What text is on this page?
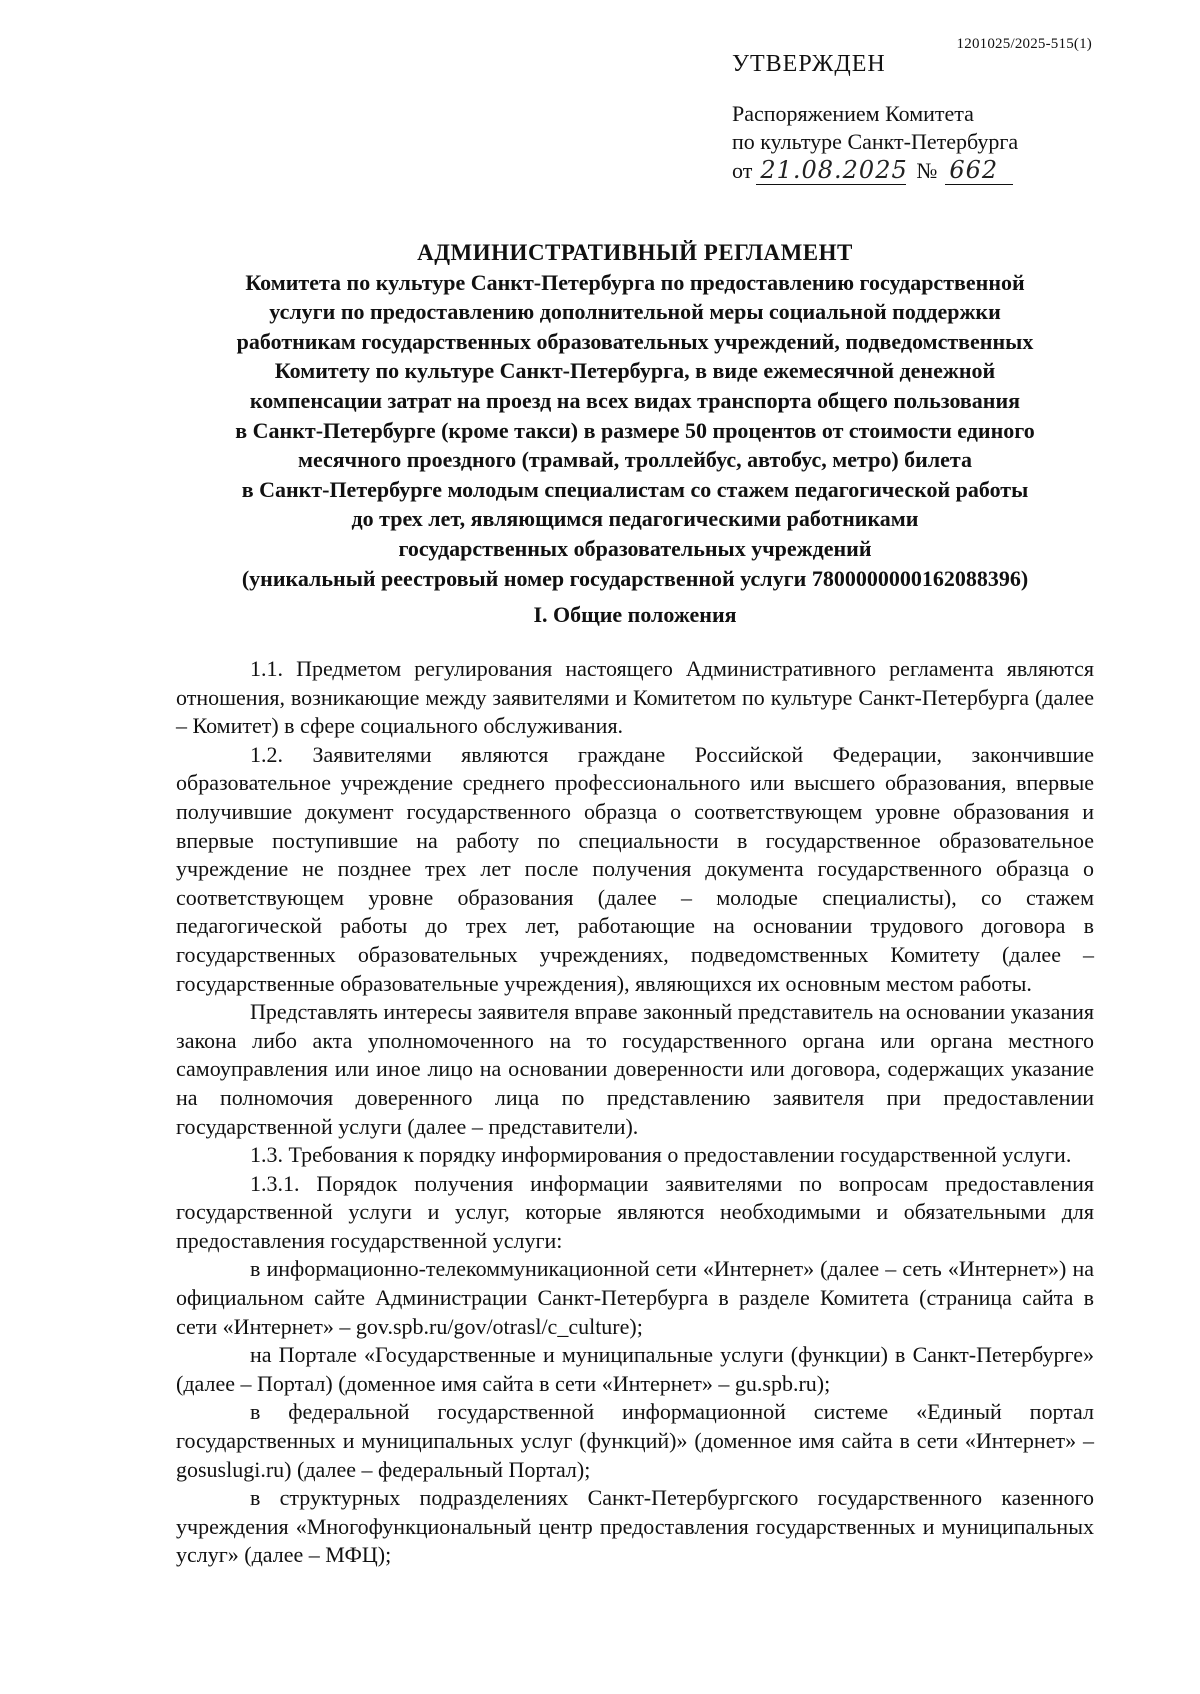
1201025/2025-515(1)
УТВЕРЖДЕН
Распоряжением Комитета
по культуре Санкт-Петербурга
от 21.08.2025 № 662
АДМИНИСТРАТИВНЫЙ РЕГЛАМЕНТ
Комитета по культуре Санкт-Петербурга по предоставлению государственной
услуги по предоставлению дополнительной меры социальной поддержки
работникам государственных образовательных учреждений, подведомственных
Комитету по культуре Санкт-Петербурга, в виде ежемесячной денежной
компенсации затрат на проезд на всех видах транспорта общего пользования
в Санкт-Петербурге (кроме такси) в размере 50 процентов от стоимости единого
месячного проездного (трамвай, троллейбус, автобус, метро) билета
в Санкт-Петербурге молодым специалистам со стажем педагогической работы
до трех лет, являющимся педагогическими работниками
государственных образовательных учреждений
(уникальный реестровый номер государственной услуги 7800000000162088396)
I. Общие положения

1.1. Предметом регулирования настоящего Административного регламента являются отношения, возникающие между заявителями и Комитетом по культуре Санкт-Петербурга (далее – Комитет) в сфере социального обслуживания.

1.2. Заявителями являются граждане Российской Федерации, закончившие образовательное учреждение среднего профессионального или высшего образования, впервые получившие документ государственного образца о соответствующем уровне образования и впервые поступившие на работу по специальности в государственное образовательное учреждение не позднее трех лет после получения документа государственного образца о соответствующем уровне образования (далее – молодые специалисты), со стажем педагогической работы до трех лет, работающие на основании трудового договора в государственных образовательных учреждениях, подведомственных Комитету (далее – государственные образовательные учреждения), являющихся их основным местом работы.

Представлять интересы заявителя вправе законный представитель на основании указания закона либо акта уполномоченного на то государственного органа или органа местного самоуправления или иное лицо на основании доверенности или договора, содержащих указание на полномочия доверенного лица по представлению заявителя при предоставлении государственной услуги (далее – представители).

1.3. Требования к порядку информирования о предоставлении государственной услуги.

1.3.1. Порядок получения информации заявителями по вопросам предоставления государственной услуги и услуг, которые являются необходимыми и обязательными для предоставления государственной услуги:

в информационно-телекоммуникационной сети «Интернет» (далее – сеть «Интернет») на официальном сайте Администрации Санкт-Петербурга в разделе Комитета (страница сайта в сети «Интернет» – gov.spb.ru/gov/otrasl/c_culture);

на Портале «Государственные и муниципальные услуги (функции) в Санкт-Петербурге» (далее – Портал) (доменное имя сайта в сети «Интернет» – gu.spb.ru);

в федеральной государственной информационной системе «Единый портал государственных и муниципальных услуг (функций)» (доменное имя сайта в сети «Интернет» – gosuslugi.ru) (далее – федеральный Портал);

в структурных подразделениях Санкт-Петербургского государственного казенного учреждения «Многофункциональный центр предоставления государственных и муниципальных услуг» (далее – МФЦ);
